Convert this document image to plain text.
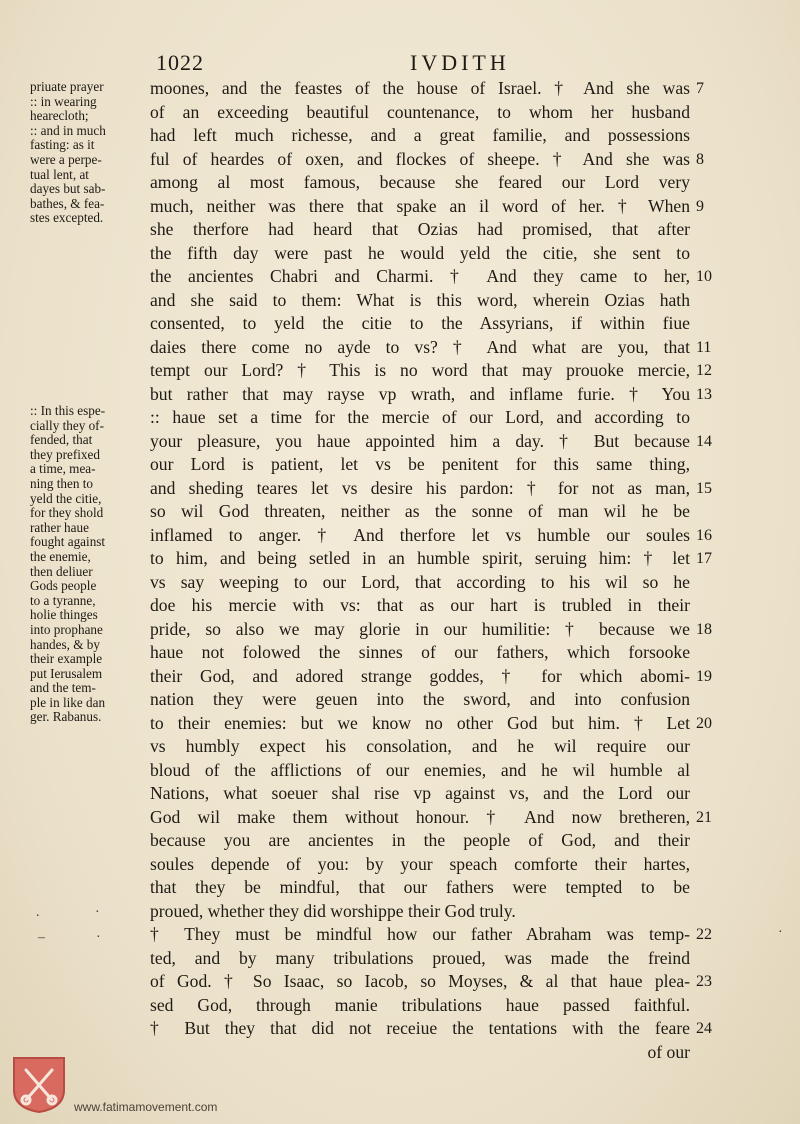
1022	IVDITH
priuate prayer
:: in wearing
hearecloth;
:: and in much
fasting: as it
were a perpe-
tual lent, at
dayes but sab-
bathes, & fea-
stes excepted.
:: In this espe-
cially they of-
fended, that
they prefixed
a time, mea-
ning then to
yeld the citie,
for they shold
rather haue
fought against
the enemie,
then deliuer
Gods people
to a tyranne,
holie thinges
into prophane
handes, & by
their example
put Ierusalem
and the tem-
ple in like dan
ger. Rabanus.
moones, and the feastes of the house of Israel. † And she was
of an exceeding beautiful countenance, to whom her husband
had left much richesse, and a great familie, and possessions
ful of heardes of oxen, and flockes of sheepe. † And she was
among al most famous, because she feared our Lord very
much, neither was there that spake an il word of her. † When
she therfore had heard that Ozias had promised, that after
the fifth day were past he would yeld the citie, she sent to
the ancientes Chabri and Charmi. † And they came to her,
and she said to them: What is this word, wherein Ozias hath
consented, to yeld the citie to the Assyrians, if within fiue
daies there come no ayde to vs? † And what are you, that
tempt our Lord? † This is no word that may prouoke mercie,
but rather that may rayse vp wrath, and inflame furie. † You
:: haue set a time for the mercie of our Lord, and according to
your pleasure, you haue appointed him a day. † But because
our Lord is patient, let vs be penitent for this same thing,
and sheding teares let vs desire his pardon: † for not as man,
so wil God threaten, neither as the sonne of man wil he be
inflamed to anger. † And therfore let vs humble our soules
to him, and being setled in an humble spirit, seruing him: † let
vs say weeping to our Lord, that according to his wil so he
doe his mercie with vs: that as our hart is trubled in their
pride, so also we may glorie in our humilitie: † because we
haue not folowed the sinnes of our fathers, which forsooke
their God, and adored strange goddes, † for which abomi-
nation they were geuen into the sword, and into confusion
to their enemies: but we know no other God but him. † Let
vs humbly expect his consolation, and he wil require our
bloud of the afflictions of our enemies, and he wil humble al
Nations, what soeuer shal rise vp against vs, and the Lord our
God wil make them without honour. † And now bretheren,
because you are ancientes in the people of God, and their
soules depende of you: by your speach comforte their hartes,
that they be mindful, that our fathers were tempted to be
proued, whether they did worshippe their God truly.
† They must be mindful how our father Abraham was temp-
ted, and by many tribulations proued, was made the freind
of God. † So Isaac, so Iacob, so Moyses, & al that haue plea-
sed God, through manie tribulations haue passed faithful.
† But they that did not receiue the tentations with the feare
of our
7
8
9
10
11
12
13
14
15
16
17
18
19
20
21
22
23
24
www.fatimamovement.com
.	·
–	·	·
